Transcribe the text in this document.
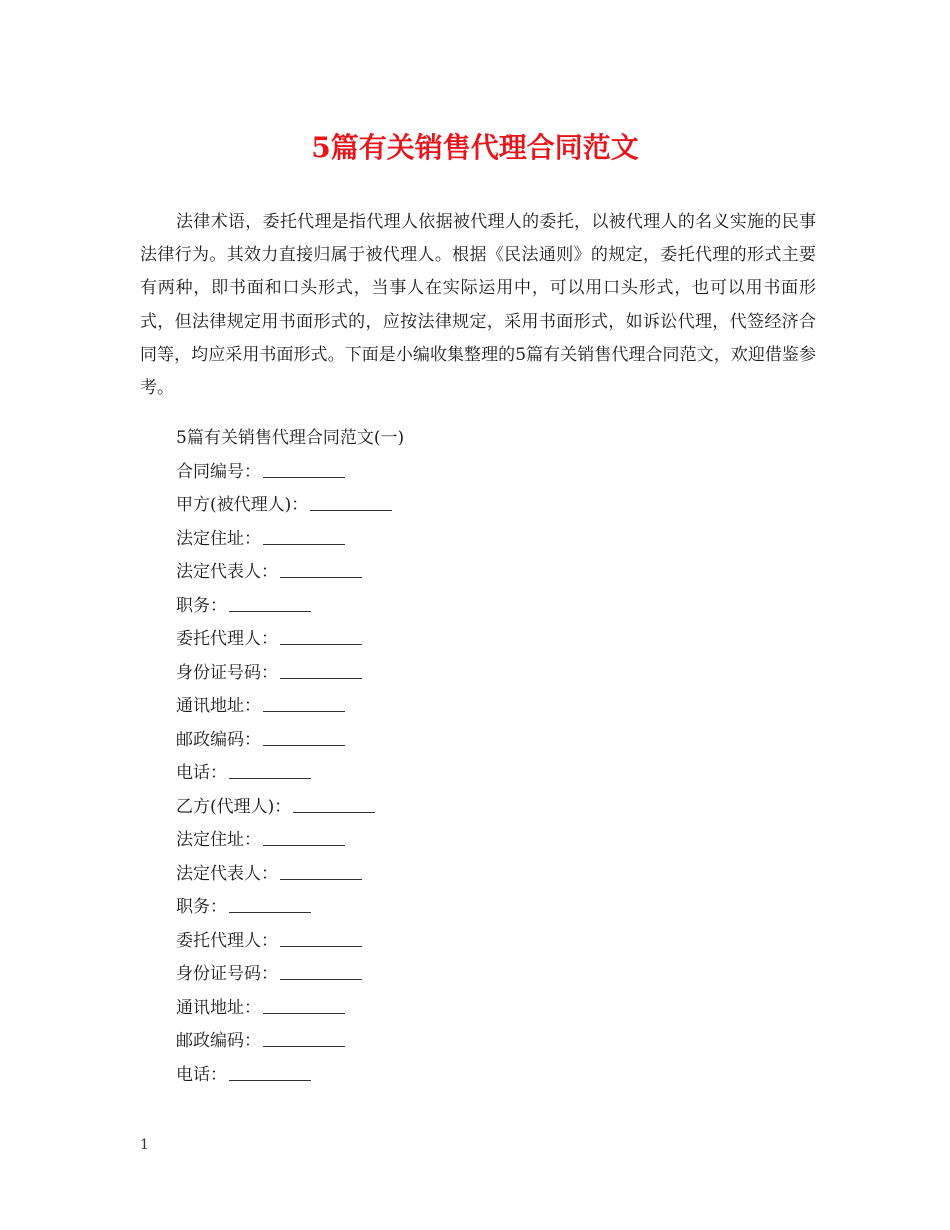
5篇有关销售代理合同范文

法律术语，委托代理是指代理人依据被代理人的委托，以被代理人的名义实施的民事法律行为。其效力直接归属于被代理人。根据《民法通则》的规定，委托代理的形式主要有两种，即书面和口头形式，当事人在实际运用中，可以用口头形式，也可以用书面形式，但法律规定用书面形式的，应按法律规定，采用书面形式，如诉讼代理，代签经济合同等，均应采用书面形式。下面是小编收集整理的5篇有关销售代理合同范文，欢迎借鉴参考。

5篇有关销售代理合同范文(一)
合同编号：
甲方(被代理人)：
法定住址：
法定代表人：
职务：
委托代理人：
身份证号码：
通讯地址：
邮政编码：
电话：
乙方(代理人)：
法定住址：
法定代表人：
职务：
委托代理人：
身份证号码：
通讯地址：
邮政编码：
电话：
1
